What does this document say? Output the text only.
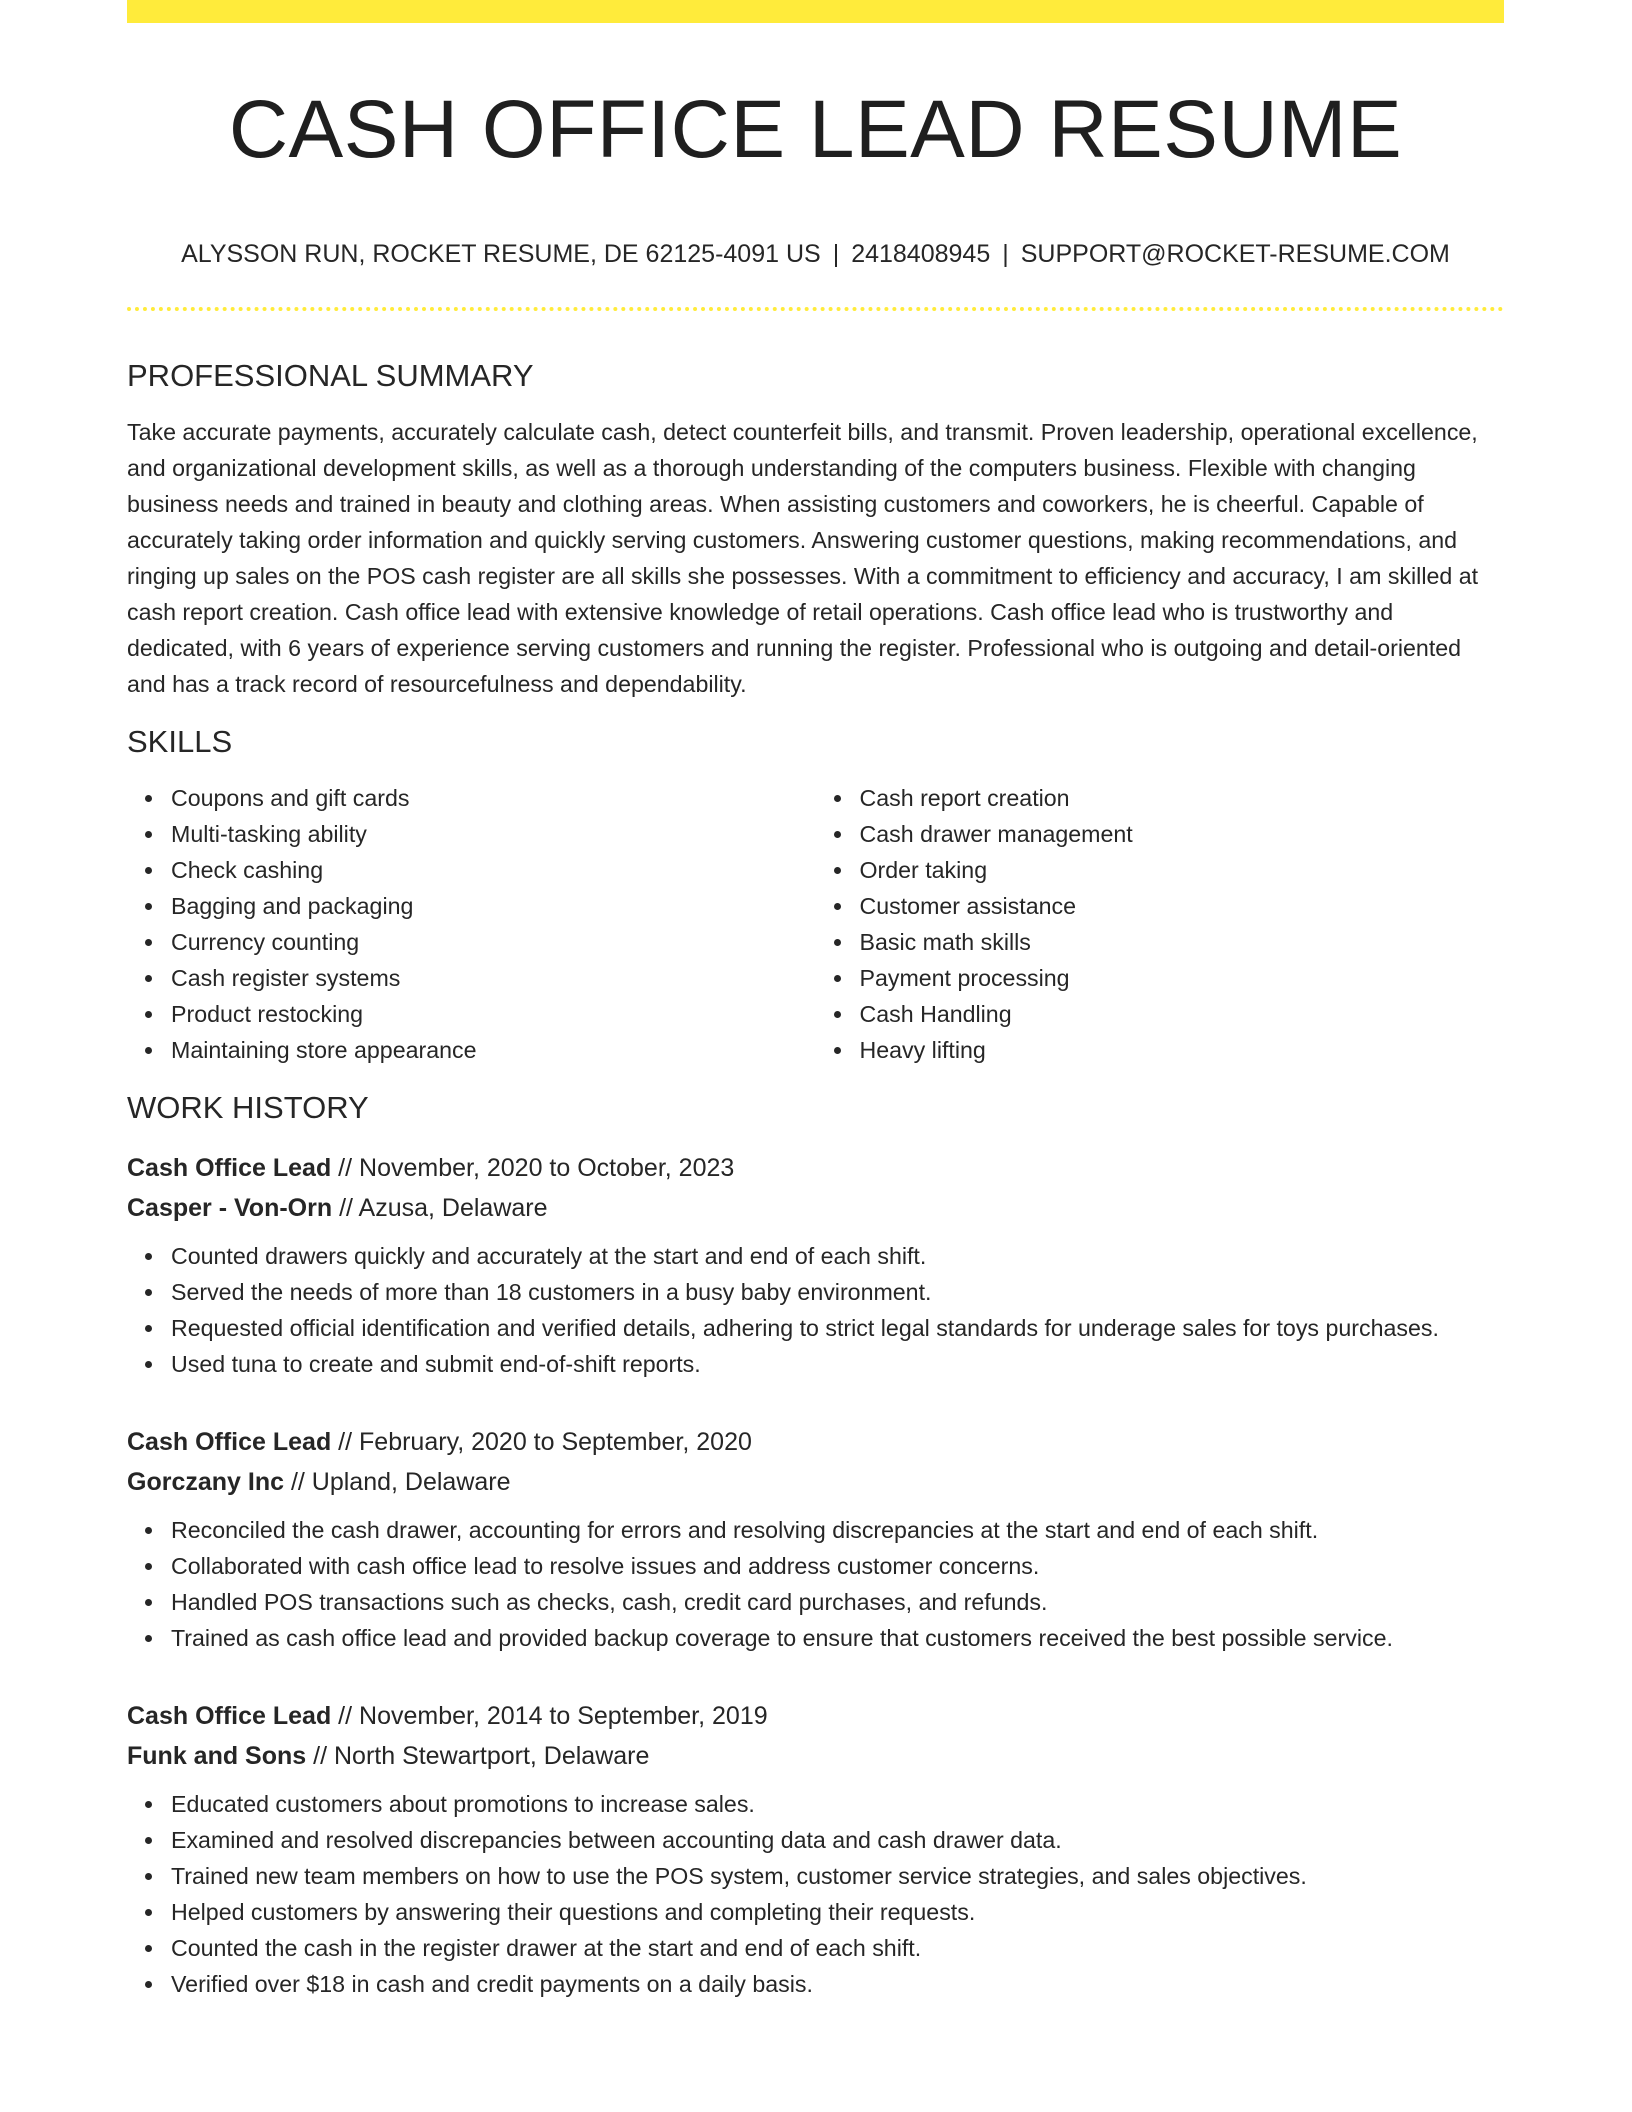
CASH OFFICE LEAD RESUME
ALYSSON RUN, ROCKET RESUME, DE 62125-4091 US | 2418408945 | SUPPORT@ROCKET-RESUME.COM
PROFESSIONAL SUMMARY

Take accurate payments, accurately calculate cash, detect counterfeit bills, and transmit. Proven leadership, operational excellence, and organizational development skills, as well as a thorough understanding of the computers business. Flexible with changing business needs and trained in beauty and clothing areas. When assisting customers and coworkers, he is cheerful. Capable of accurately taking order information and quickly serving customers. Answering customer questions, making recommendations, and ringing up sales on the POS cash register are all skills she possesses. With a commitment to efficiency and accuracy, I am skilled at cash report creation. Cash office lead with extensive knowledge of retail operations. Cash office lead who is trustworthy and dedicated, with 6 years of experience serving customers and running the register. Professional who is outgoing and detail-oriented and has a track record of resourcefulness and dependability.

SKILLS
Coupons and gift cards
Multi-tasking ability
Check cashing
Bagging and packaging
Currency counting
Cash register systems
Product restocking
Maintaining store appearance
Cash report creation
Cash drawer management
Order taking
Customer assistance
Basic math skills
Payment processing
Cash Handling
Heavy lifting
WORK HISTORY
Cash Office Lead // November, 2020 to October, 2023
Casper - Von-Orn // Azusa, Delaware
Counted drawers quickly and accurately at the start and end of each shift.
Served the needs of more than 18 customers in a busy baby environment.
Requested official identification and verified details, adhering to strict legal standards for underage sales for toys purchases.
Used tuna to create and submit end-of-shift reports.
Cash Office Lead // February, 2020 to September, 2020
Gorczany Inc // Upland, Delaware
Reconciled the cash drawer, accounting for errors and resolving discrepancies at the start and end of each shift.
Collaborated with cash office lead to resolve issues and address customer concerns.
Handled POS transactions such as checks, cash, credit card purchases, and refunds.
Trained as cash office lead and provided backup coverage to ensure that customers received the best possible service.
Cash Office Lead // November, 2014 to September, 2019
Funk and Sons // North Stewartport, Delaware
Educated customers about promotions to increase sales.
Examined and resolved discrepancies between accounting data and cash drawer data.
Trained new team members on how to use the POS system, customer service strategies, and sales objectives.
Helped customers by answering their questions and completing their requests.
Counted the cash in the register drawer at the start and end of each shift.
Verified over $18 in cash and credit payments on a daily basis.
